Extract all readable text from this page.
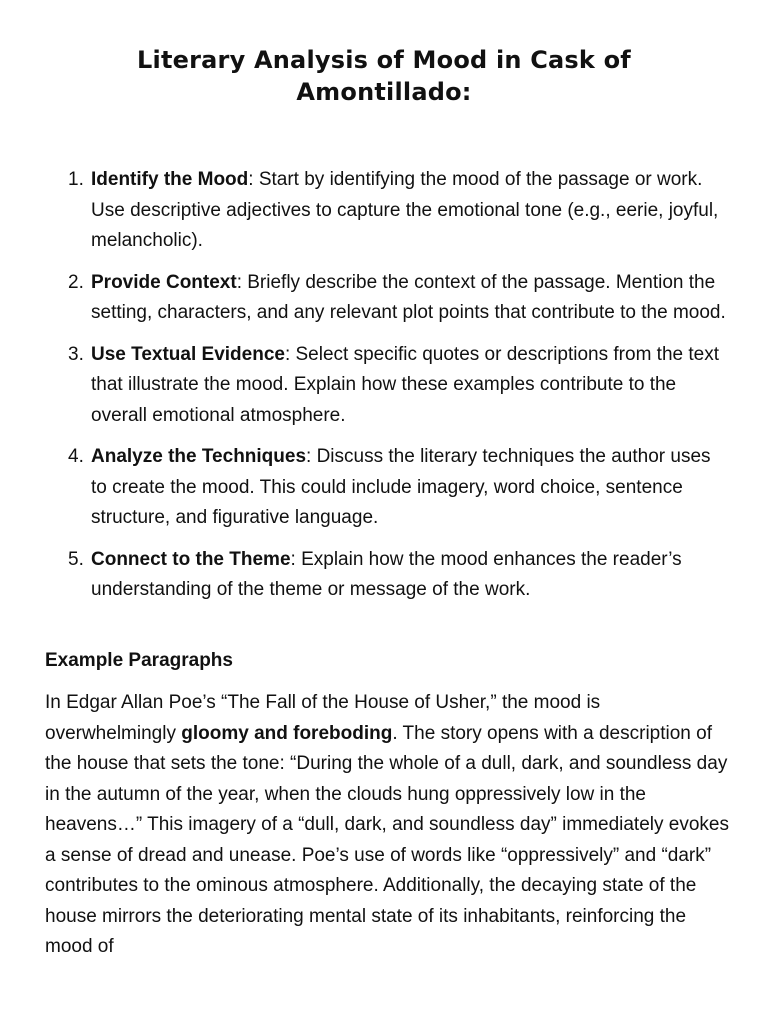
Literary Analysis of Mood in Cask of Amontillado:
1. Identify the Mood: Start by identifying the mood of the passage or work. Use descriptive adjectives to capture the emotional tone (e.g., eerie, joyful, melancholic).
2. Provide Context: Briefly describe the context of the passage. Mention the setting, characters, and any relevant plot points that contribute to the mood.
3. Use Textual Evidence: Select specific quotes or descriptions from the text that illustrate the mood. Explain how these examples contribute to the overall emotional atmosphere.
4. Analyze the Techniques: Discuss the literary techniques the author uses to create the mood. This could include imagery, word choice, sentence structure, and figurative language.
5. Connect to the Theme: Explain how the mood enhances the reader’s understanding of the theme or message of the work.
Example Paragraphs

In Edgar Allan Poe’s “The Fall of the House of Usher,” the mood is overwhelmingly gloomy and foreboding. The story opens with a description of the house that sets the tone: “During the whole of a dull, dark, and soundless day in the autumn of the year, when the clouds hung oppressively low in the heavens…” This imagery of a “dull, dark, and soundless day” immediately evokes a sense of dread and unease. Poe’s use of words like “oppressively” and “dark” contributes to the ominous atmosphere. Additionally, the decaying state of the house mirrors the deteriorating mental state of its inhabitants, reinforcing the mood of
